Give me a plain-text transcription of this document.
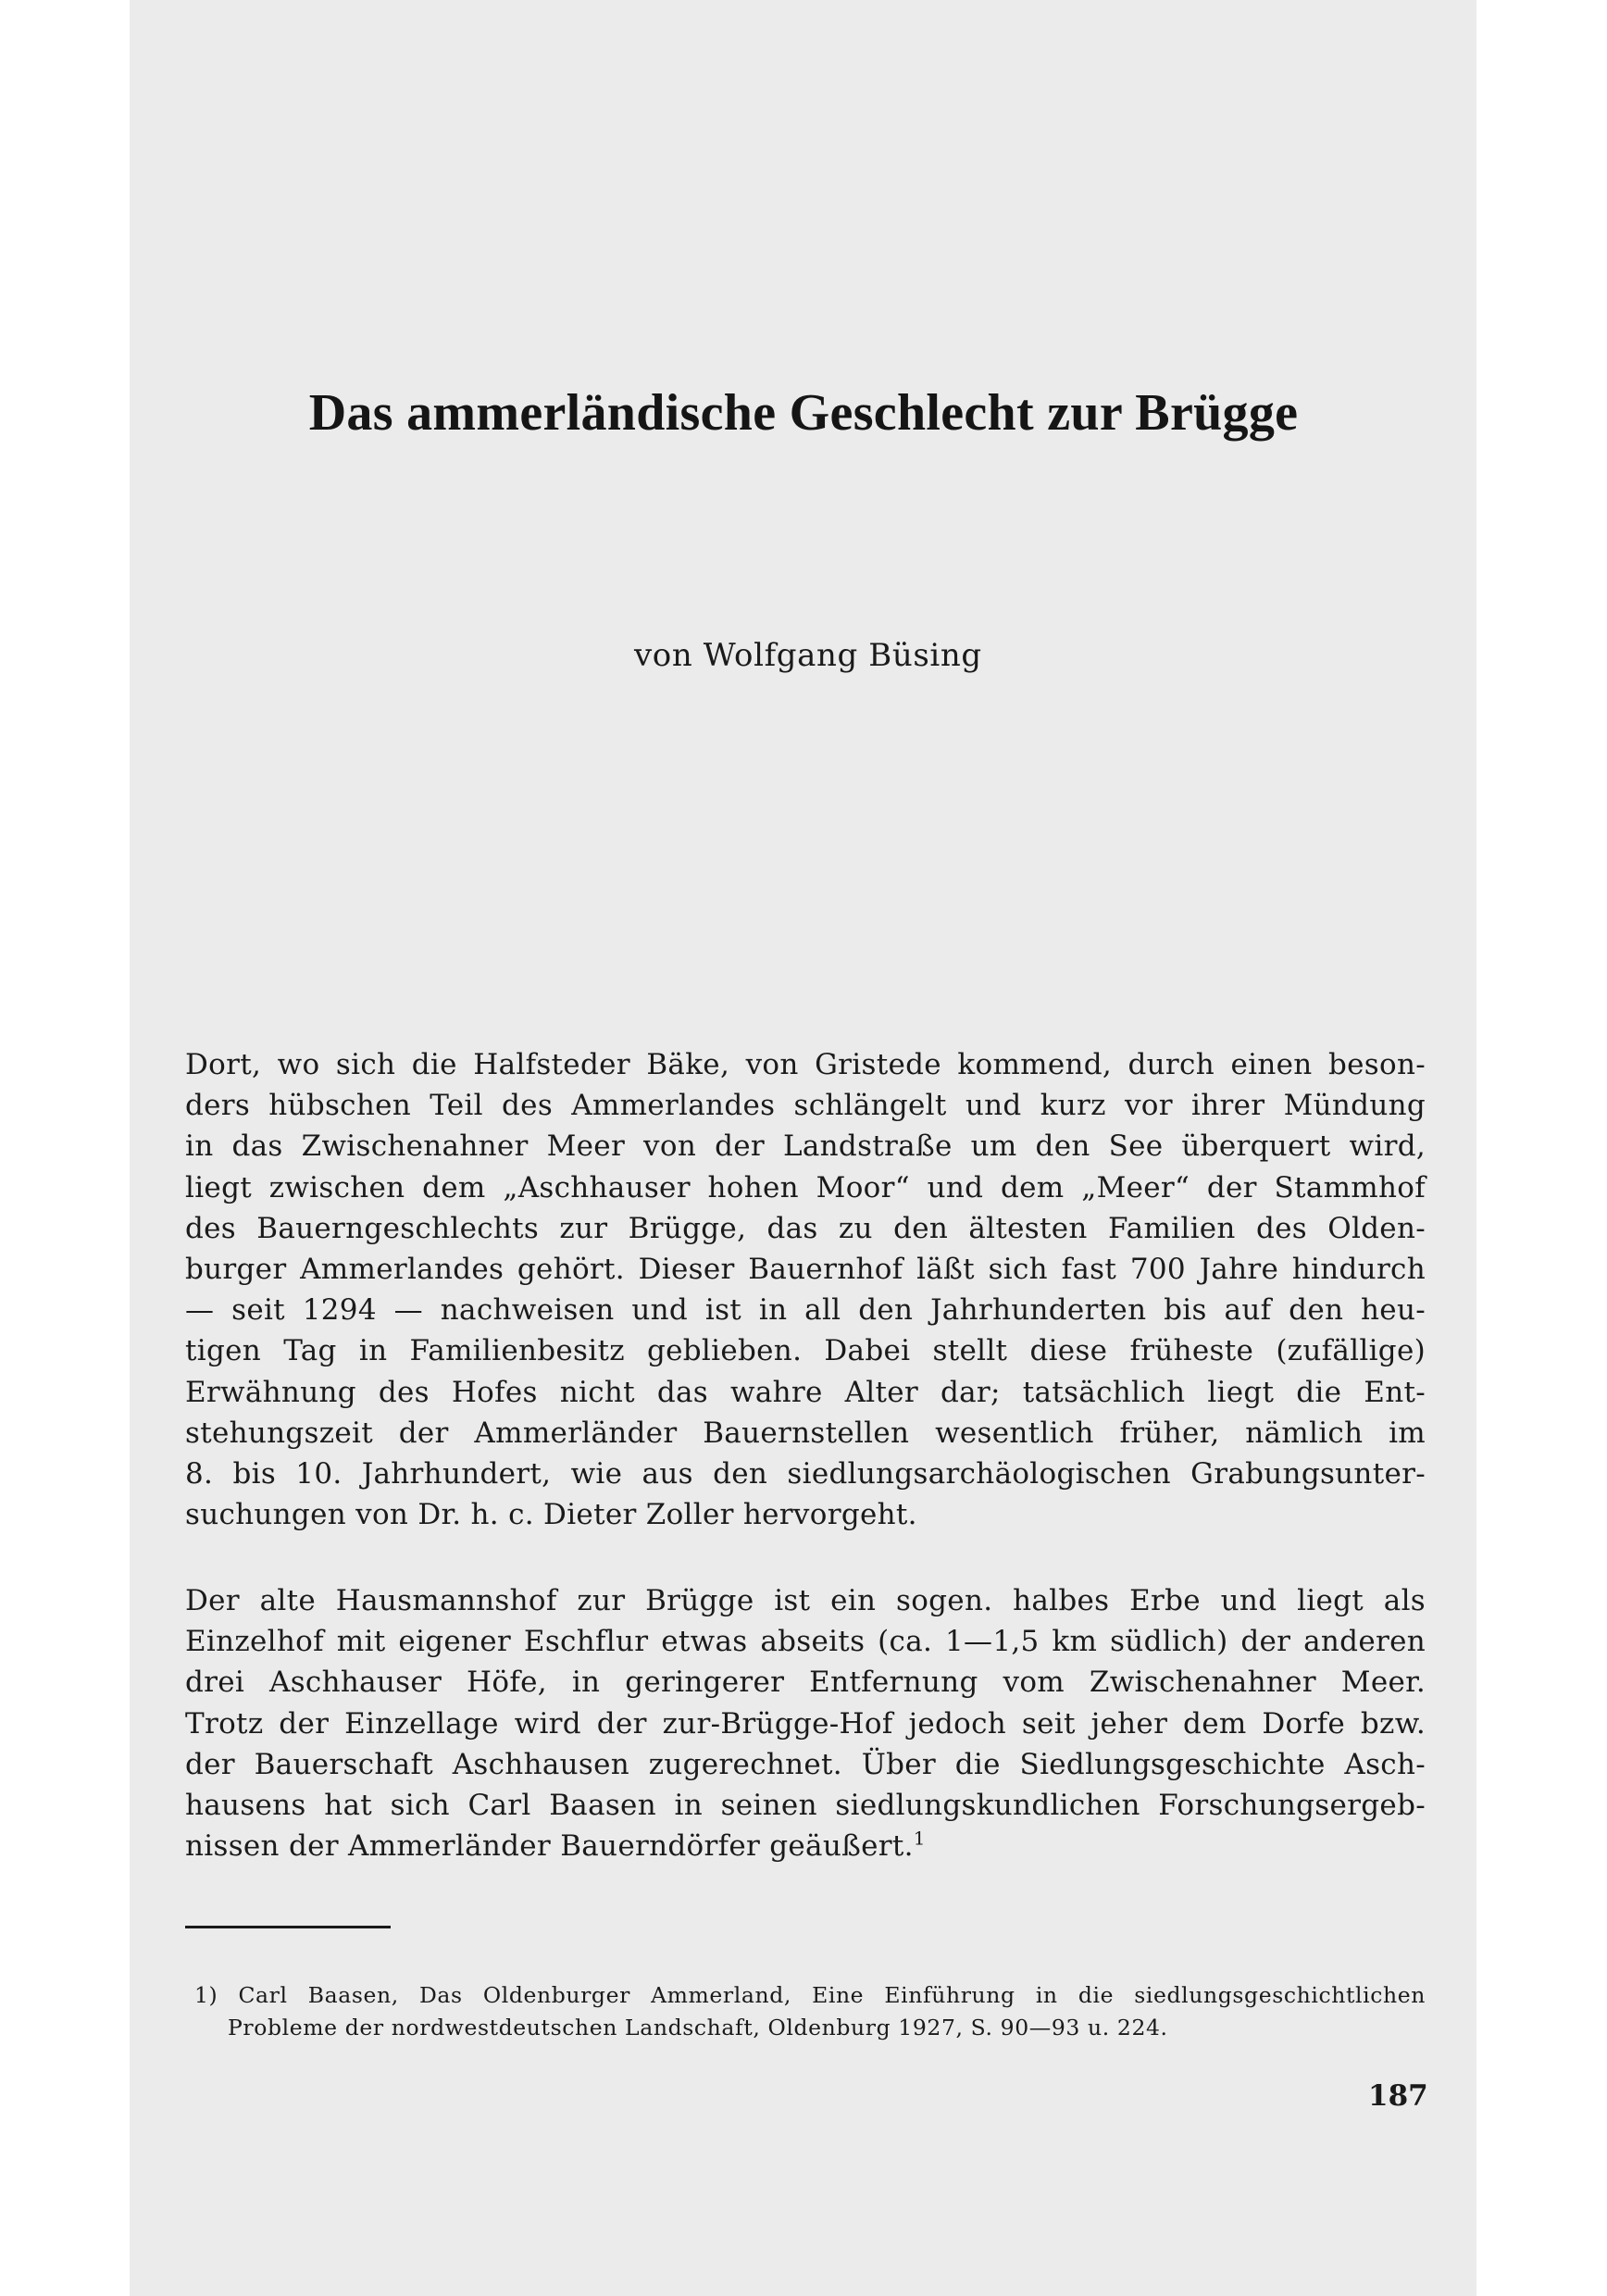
Das ammerländische Geschlecht zur Brügge

von Wolfgang Büsing

Dort, wo sich die Halfsteder Bäke, von Gristede kommend, durch einen beson-
ders hübschen Teil des Ammerlandes schlängelt und kurz vor ihrer Mündung
in das Zwischenahner Meer von der Landstraße um den See überquert wird,
liegt zwischen dem „Aschhauser hohen Moor“ und dem „Meer“ der Stammhof
des Bauerngeschlechts zur Brügge, das zu den ältesten Familien des Olden-
burger Ammerlandes gehört. Dieser Bauernhof läßt sich fast 700 Jahre hindurch
— seit 1294 — nachweisen und ist in all den Jahrhunderten bis auf den heu-
tigen Tag in Familienbesitz geblieben. Dabei stellt diese früheste (zufällige)
Erwähnung des Hofes nicht das wahre Alter dar; tatsächlich liegt die Ent-
stehungszeit der Ammerländer Bauernstellen wesentlich früher, nämlich im
8. bis 10. Jahrhundert, wie aus den siedlungsarchäologischen Grabungsunter-
suchungen von Dr. h. c. Dieter Zoller hervorgeht.
Der alte Hausmannshof zur Brügge ist ein sogen. halbes Erbe und liegt als
Einzelhof mit eigener Eschflur etwas abseits (ca. 1—1,5 km südlich) der anderen
drei Aschhauser Höfe, in geringerer Entfernung vom Zwischenahner Meer.
Trotz der Einzellage wird der zur-Brügge-Hof jedoch seit jeher dem Dorfe bzw.
der Bauerschaft Aschhausen zugerechnet. Über die Siedlungsgeschichte Asch-
hausens hat sich Carl Baasen in seinen siedlungskundlichen Forschungsergeb-
nissen der Ammerländer Bauerndörfer geäußert.$^1$
1) Carl Baasen, Das Oldenburger Ammerland, Eine Einführung in die siedlungsgeschichtlichen
Probleme der nordwestdeutschen Landschaft, Oldenburg 1927, S. 90—93 u. 224.

187
